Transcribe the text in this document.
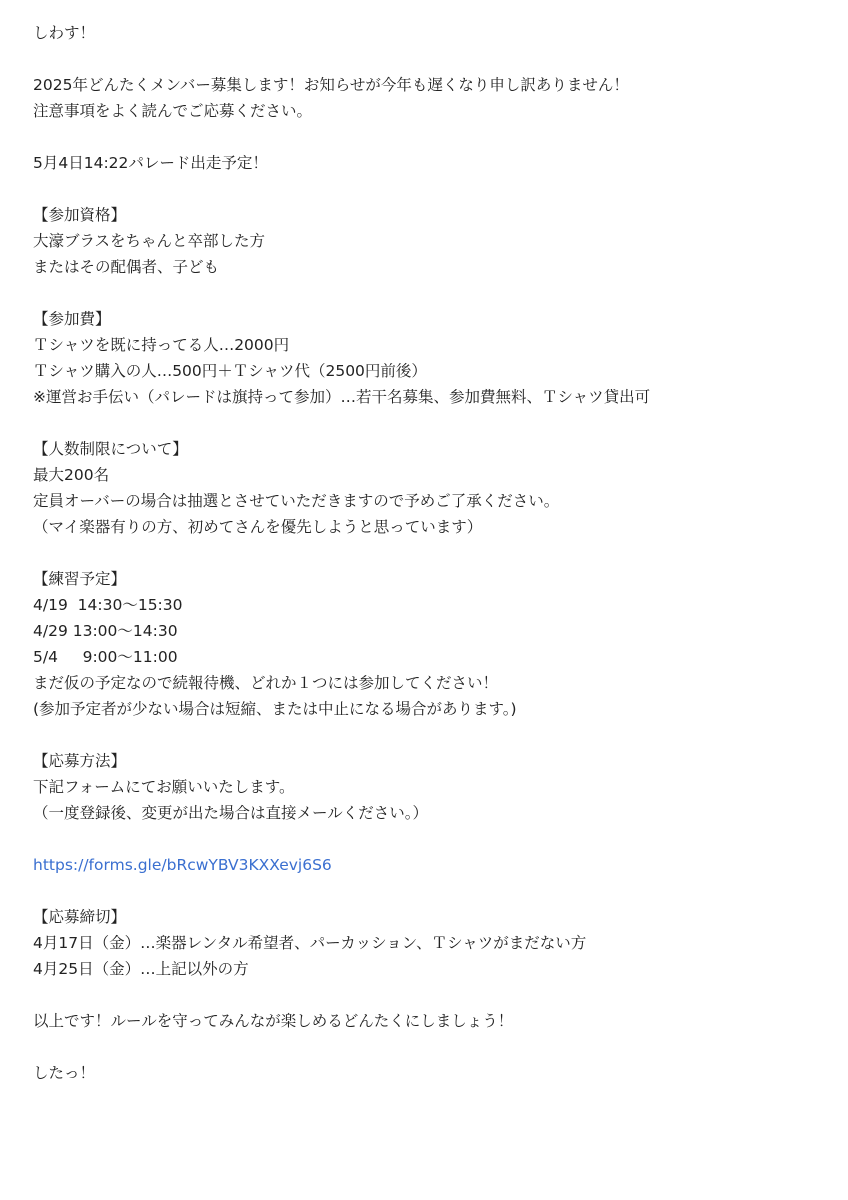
しわす！
2025年どんたくメンバー募集します！お知らせが今年も遅くなり申し訳ありません！
注意事項をよく読んでご応募ください。
5月4日14:22パレード出走予定！
【参加資格】
大濠ブラスをちゃんと卒部した方
またはその配偶者、子ども
【参加費】
Ｔシャツを既に持ってる人…2000円
Ｔシャツ購入の人…500円＋Ｔシャツ代（2500円前後）
※運営お手伝い（パレードは旗持って参加）…若干名募集、参加費無料、Ｔシャツ貸出可
【人数制限について】
最大200名
定員オーバーの場合は抽選とさせていただきますので予めご了承ください。
（マイ楽器有りの方、初めてさんを優先しようと思っています）
【練習予定】
4/19  14:30～15:30
4/29 13:00～14:30
5/4     9:00～11:00
まだ仮の予定なので続報待機、どれか１つには参加してください！
(参加予定者が少ない場合は短縮、または中止になる場合があります。)
【応募方法】
下記フォームにてお願いいたします。
（一度登録後、変更が出た場合は直接メールください。）
https://forms.gle/bRcwYBV3KXXevj6S6
【応募締切】
4月17日（金）…楽器レンタル希望者、パーカッション、Ｔシャツがまだない方
4月25日（金）…上記以外の方
以上です！ルールを守ってみんなが楽しめるどんたくにしましょう！
したっ！
